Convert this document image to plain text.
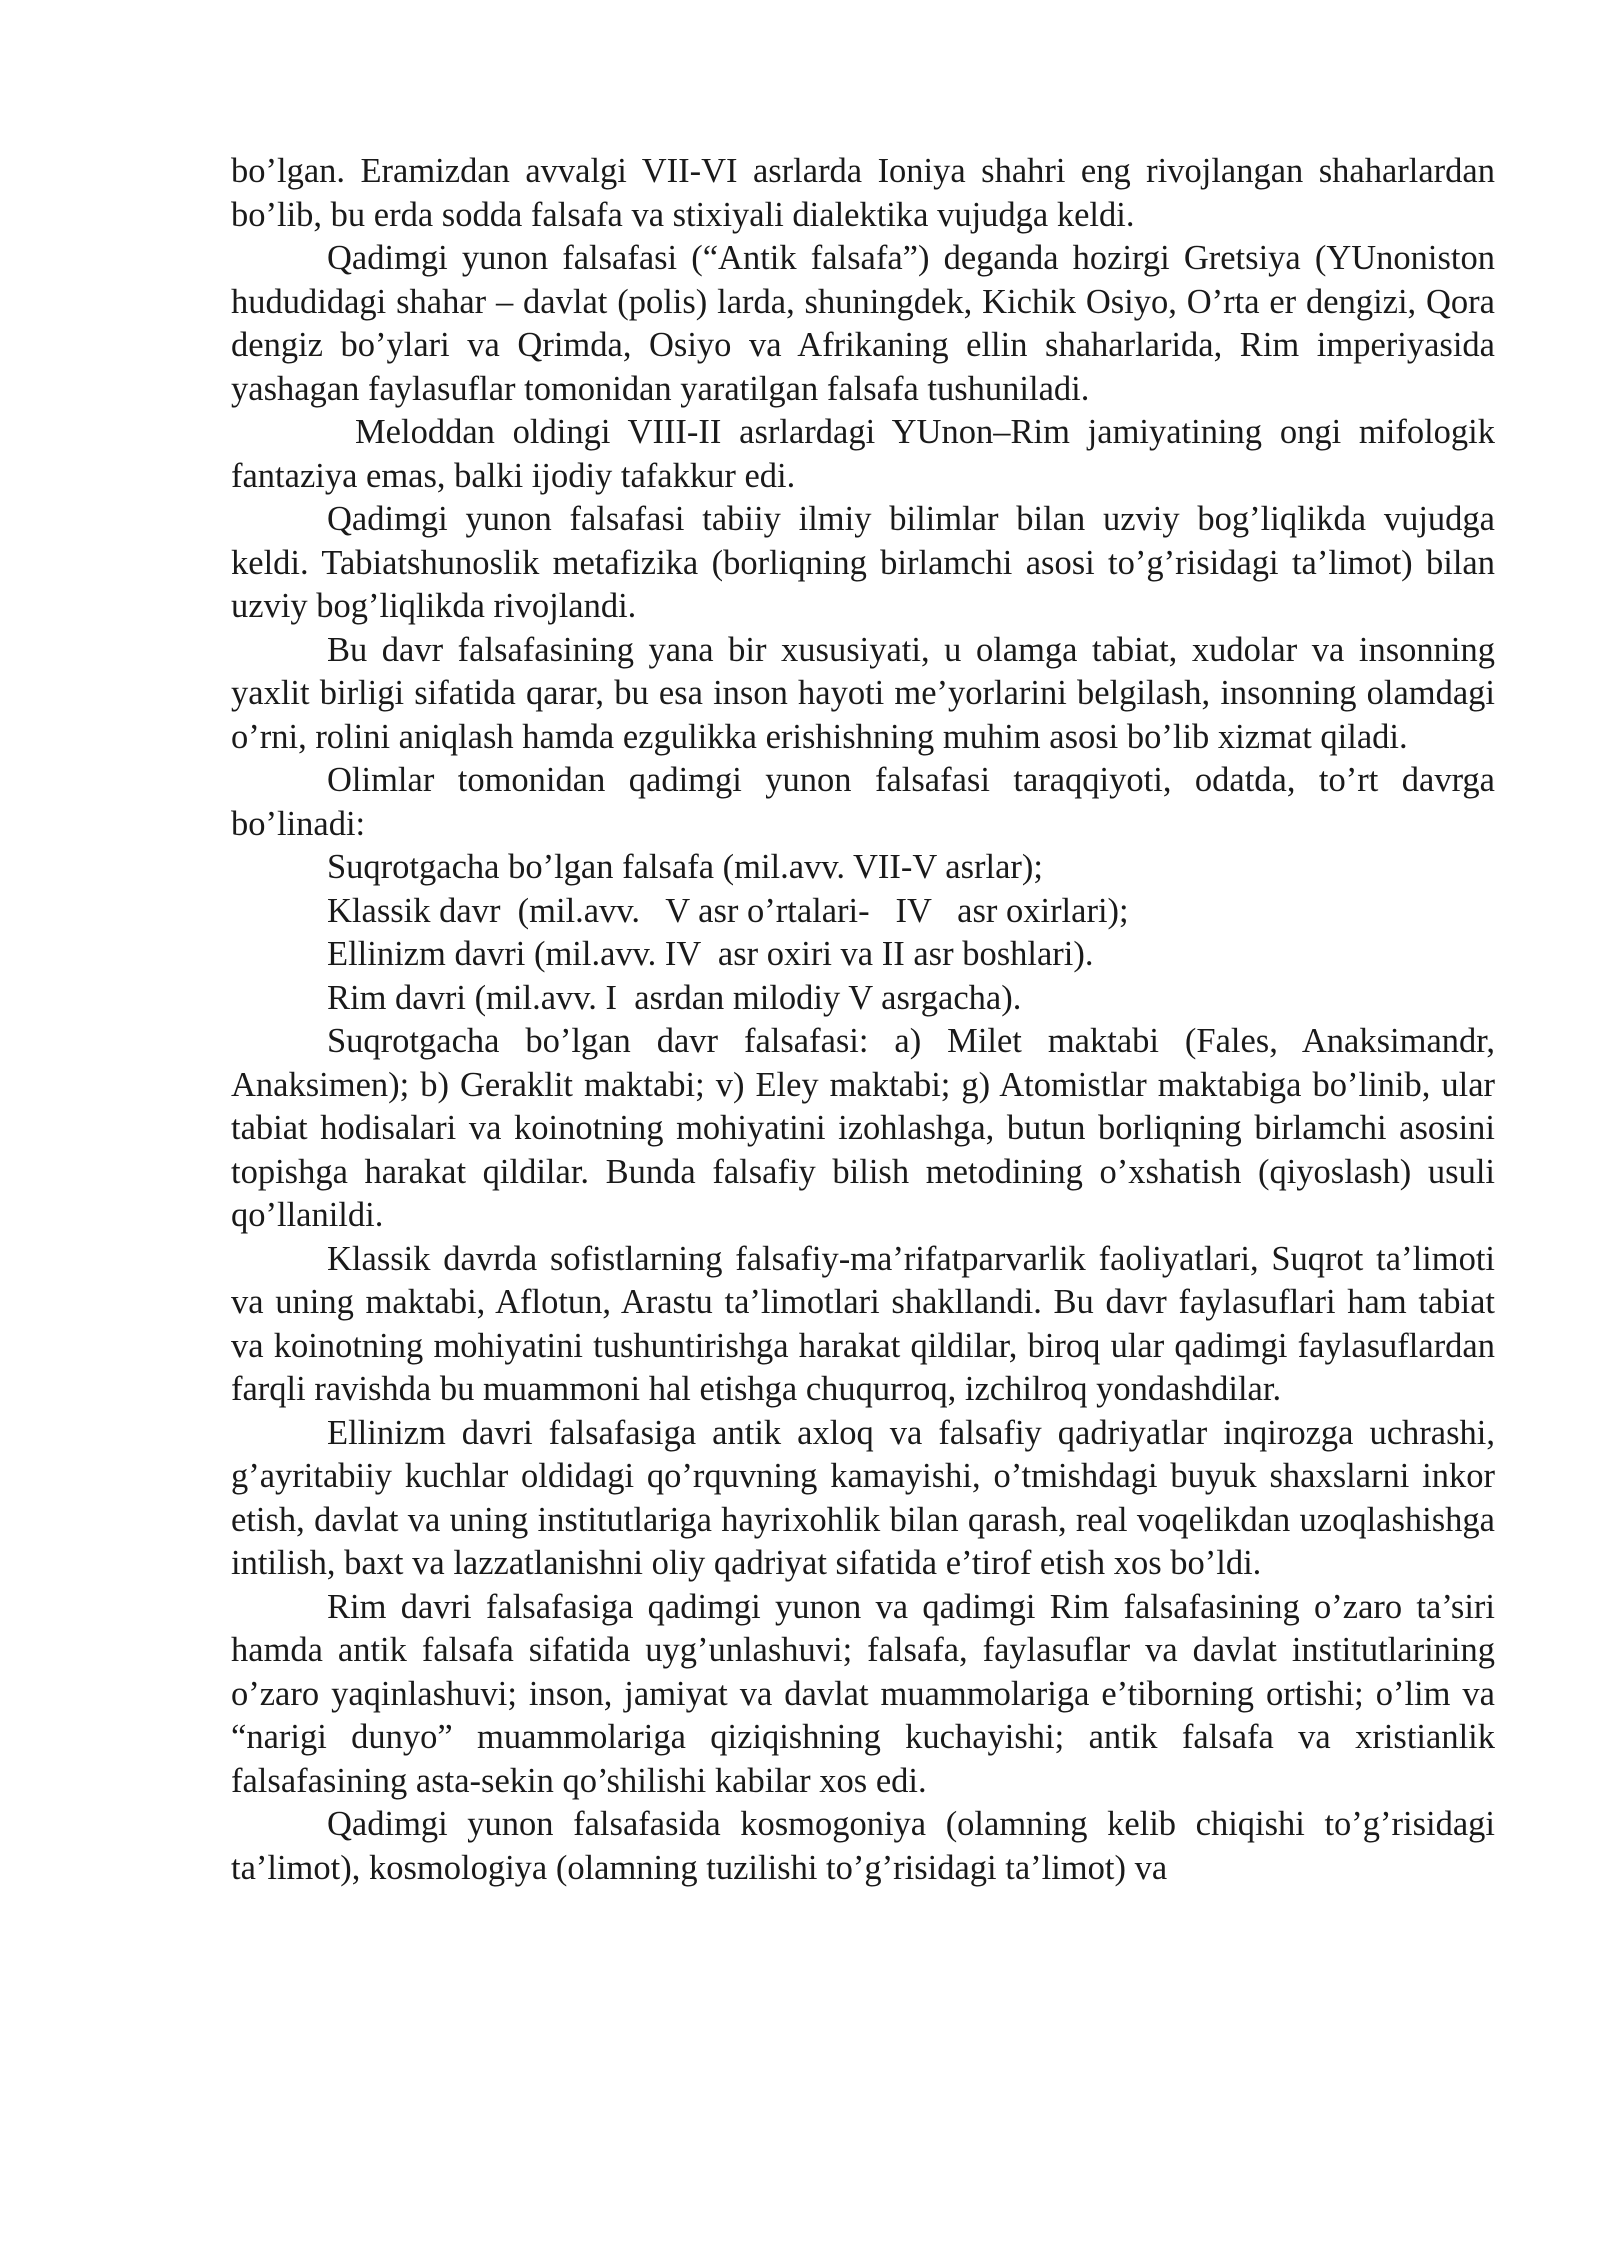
bo’lgan. Eramizdan avvalgi VII-VI asrlarda Ioniya shahri eng rivojlangan shaharlardan bo’lib, bu erda sodda falsafa va stixiyali dialektika vujudga keldi.

Qadimgi yunon falsafasi (“Antik falsafa”) deganda hozirgi Gretsiya (YUnoniston hududidagi shahar – davlat (polis) larda, shuningdek, Kichik Osiyo, O’rta er dengizi, Qora dengiz bo’ylari va Qrimda, Osiyo va Afrikaning ellin shaharlarida, Rim imperiyasida yashagan faylasuflar tomonidan yaratilgan falsafa tushuniladi.

Meloddan oldingi VIII-II asrlardagi YUnon–Rim jamiyatining ongi mifologik fantaziya emas, balki ijodiy tafakkur edi.

Qadimgi yunon falsafasi tabiiy ilmiy bilimlar bilan uzviy bog’liqlikda vujudga keldi. Tabiatshunoslik metafizika (borliqning birlamchi asosi to’g’risidagi ta’limot) bilan uzviy bog’liqlikda rivojlandi.

Bu davr falsafasining yana bir xususiyati, u olamga tabiat, xudolar va insonning yaxlit birligi sifatida qarar, bu esa inson hayoti me’yorlarini belgilash, insonning olamdagi o’rni, rolini aniqlash hamda ezgulikka erishishning muhim asosi bo’lib xizmat qiladi.

Olimlar tomonidan qadimgi yunon falsafasi taraqqiyoti, odatda, to’rt davrga bo’linadi:

Suqrotgacha bo’lgan falsafa (mil.avv. VII-V asrlar);

Klassik davr  (mil.avv.   V asr o’rtalari-   IV   asr oxirlari);

Ellinizm davri (mil.avv. IV  asr oxiri va II asr boshlari).

Rim davri (mil.avv. I  asrdan milodiy V asrgacha).

Suqrotgacha bo’lgan davr falsafasi: a) Milet maktabi (Fales, Anaksimandr, Anaksimen); b) Geraklit maktabi; v) Eley maktabi; g) Atomistlar maktabiga bo’linib, ular tabiat hodisalari va koinotning mohiyatini izohlashga, butun borliqning birlamchi asosini topishga harakat qildilar. Bunda falsafiy bilish metodining o’xshatish (qiyoslash) usuli qo’llanildi.

Klassik davrda sofistlarning falsafiy-ma’rifatparvarlik faoliyatlari, Suqrot ta’limoti va uning maktabi, Aflotun, Arastu ta’limotlari shakllandi. Bu davr faylasuflari ham tabiat va koinotning mohiyatini tushuntirishga harakat qildilar, biroq ular qadimgi faylasuflardan farqli ravishda bu muammoni hal etishga chuqurroq, izchilroq yondashdilar.

Ellinizm davri falsafasiga antik axloq va falsafiy qadriyatlar inqirozga uchrashi, g’ayritabiiy kuchlar oldidagi qo’rquvning kamayishi, o’tmishdagi buyuk shaxslarni inkor etish, davlat va uning institutlariga hayrixohlik bilan qarash, real voqelikdan uzoqlashishga intilish, baxt va lazzatlanishni oliy qadriyat sifatida e’tirof etish xos bo’ldi.

Rim davri falsafasiga qadimgi yunon va qadimgi Rim falsafasining o’zaro ta’siri hamda antik falsafa sifatida uyg’unlashuvi; falsafa, faylasuflar va davlat institutlarining o’zaro yaqinlashuvi; inson, jamiyat va davlat muammolariga e’tiborning ortishi; o’lim va “narigi dunyo” muammolariga qiziqishning kuchayishi; antik falsafa va xristianlik falsafasining asta-sekin qo’shilishi kabilar xos edi.

Qadimgi yunon falsafasida kosmogoniya (olamning kelib chiqishi to’g’risidagi ta’limot), kosmologiya (olamning tuzilishi to’g’risidagi ta’limot) va
